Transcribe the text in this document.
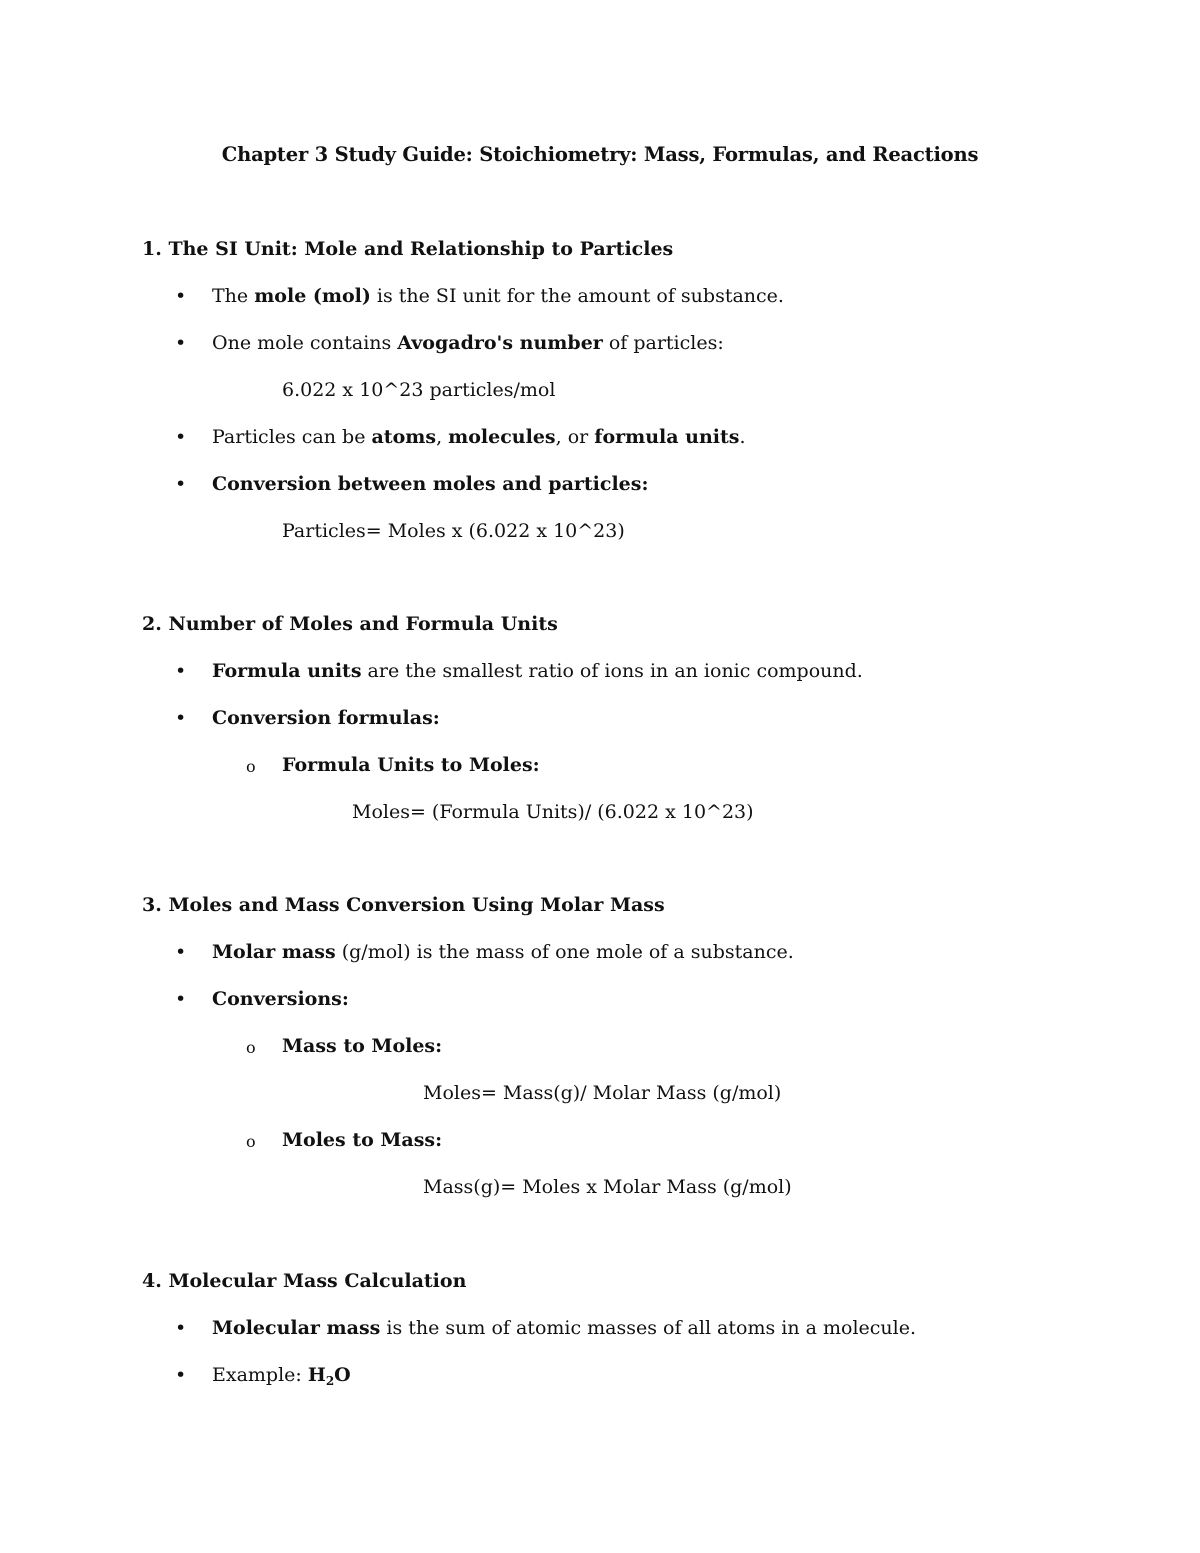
Chapter 3 Study Guide: Stoichiometry: Mass, Formulas, and Reactions
1. The SI Unit: Mole and Relationship to Particles
• The mole (mol) is the SI unit for the amount of substance.
• One mole contains Avogadro's number of particles:
6.022 x 10^23 particles/mol
• Particles can be atoms, molecules, or formula units.
• Conversion between moles and particles:
Particles= Moles x (6.022 x 10^23)
2. Number of Moles and Formula Units
• Formula units are the smallest ratio of ions in an ionic compound.
• Conversion formulas:
o Formula Units to Moles:
Moles= (Formula Units)/ (6.022 x 10^23)
3. Moles and Mass Conversion Using Molar Mass
• Molar mass (g/mol) is the mass of one mole of a substance.
• Conversions:
o Mass to Moles:
Moles= Mass(g)/ Molar Mass (g/mol)
o Moles to Mass:
Mass(g)= Moles x Molar Mass (g/mol)
4. Molecular Mass Calculation
• Molecular mass is the sum of atomic masses of all atoms in a molecule.
• Example: $H_2O$
